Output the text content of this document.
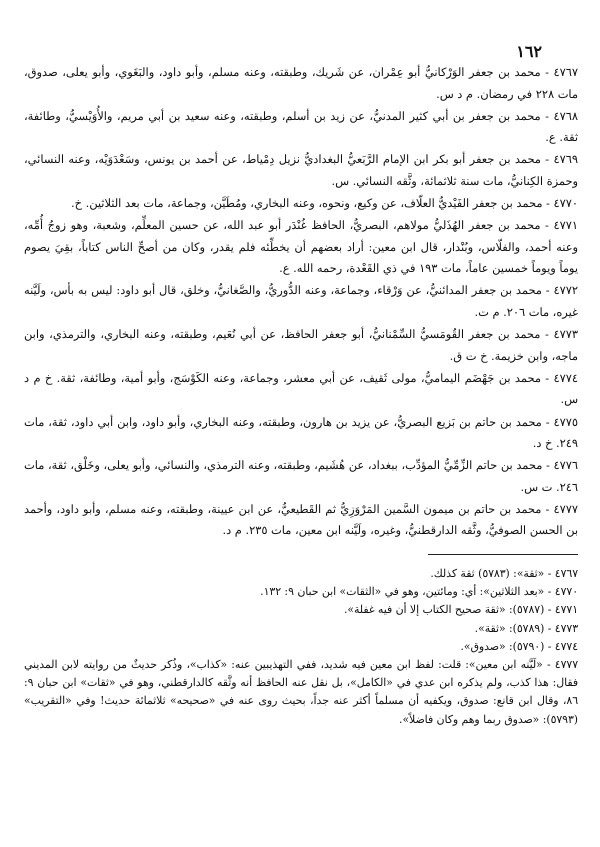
١٦٢

٤٧٦٧ - محمد بن جعفر الوَرْكانيُّ أبو عِمْران، عن شَريك، وطبقته، وعنه مسلم، وأبو داود، والبَغَوي، وأبو يعلى، صدوق، مات ٢٢٨ في رمضان. م د س.

٤٧٦٨ - محمد بن جعفر بن أبي كثير المدنيُّ، عن زيد بن أسلم، وطبقته، وعنه سعيد بن أبي مريم، والأُوَيْسيُّ، وطائفة، ثقة. ع.

٤٧٦٩ - محمد بن جعفر أبو بكر ابن الإمام الرَّبَعيُّ البغداديُّ نزيل دِمْياط، عن أحمد بن يونس، وسَعْدَوَيْه، وعنه النسائي، وحمزة الكِنانيُّ، مات سنة ثلاثمائة، وثَّقه النسائي. س.

٤٧٧٠ - محمد بن جعفر الفَيْديُّ العلّاف، عن وكيع، ونحوه، وعنه البخاري، ومُطَيَّن، وجماعة، مات بعد الثلاثين. خ.

٤٧٧١ - محمد بن جعفر الهُذَليُّ مولاهم، البصريُّ، الحافظ غُنْدَر أبو عبد الله، عن حسين المعلِّم، وشعبة، وهو زوجُ أُمِّه، وعنه أحمد، والفلّاس، وبُنْدار، قال ابن معين: أراد بعضهم أن يخطِّئه فلم يقدر، وكان من أصحِّ الناس كتاباً، بقِيَ يصوم يوماً ويوماً خمسين عاماً، مات ١٩٣ في ذي القَعْدة، رحمه الله. ع.

٤٧٧٢ - محمد بن جعفر المدائنيُّ، عن وَرْقاء، وجماعة، وعنه الدُّوريُّ، والصَّغانيُّ، وخلق، قال أبو داود: ليس به بأس، ولَيَّنه غيره، مات ٢٠٦. م ت.

٤٧٧٣ - محمد بن جعفر القُومَسيُّ السِّمْنانيُّ، أبو جعفر الحافظ، عن أبي نُعَيم، وطبقته، وعنه البخاري، والترمذي، وابن ماجه، وابن خزيمة. خ ت ق.

٤٧٧٤ - محمد بن جَهْضَم اليماميُّ، مولى ثَقيف، عن أبي معشر، وجماعة، وعنه الكَوْسَج، وأبو أمية، وطائفة، ثقة. خ م د س.

٤٧٧٥ - محمد بن حاتم بن بَزيع البصريُّ، عن يزيد بن هارون، وطبقته، وعنه البخاري، وأبو داود، وابن أبي داود، ثقة، مات ٢٤٩. خ د.

٤٧٧٦ - محمد بن حاتم الزِّمِّيُّ المؤدِّب، ببغداد، عن هُشَيم، وطبقته، وعنه الترمذي، والنسائي، وأبو يعلى، وخَلْق، ثقة، مات ٢٤٦. ت س.

٤٧٧٧ - محمد بن حاتم بن ميمون السَّمين المَرْوَزِيُّ ثم القَطيعيُّ، عن ابن عيينة، وطبقته، وعنه مسلم، وأبو داود، وأحمد بن الحسن الصوفيُّ، وثَّقه الدارقطنيُّ، وغيره، ولَيَّنه ابن معين، مات ٢٣٥. م د.

٤٧٦٧ - «ثقة»: (٥٧٨٣) ثقة كذلك.

٤٧٧٠ - «بعد الثلاثين»: أي: ومائتين، وهو في «الثقات» ابن حبان ٩: ١٣٢.

٤٧٧١ - (٥٧٨٧): «ثقة صحيح الكتاب إلا أن فيه غفلة».

٤٧٧٣ - (٥٧٨٩): «ثقة».

٤٧٧٤ - (٥٧٩٠): «صدوق».

٤٧٧٧ - «لَيَّنه ابن معين»: قلت: لفظ ابن معين فيه شديد، ففي التهذيبين عنه: «كذاب»، وذُكر حديثٌ من روايته لابن المديني فقال: هذا كذب، ولم يذكره ابن عدي في «الكامل»، بل نقل عنه الحافظ أنه وثَّقه كالدارقطني، وهو في «ثقات» ابن حبان ٩: ٨٦، وقال ابن قانع: صدوق، ويكفيه أن مسلماً أكثر عنه جداً، بحيث روى عنه في «صحيحه» ثلاثمائة حديث! وفي «التقريب» (٥٧٩٣): «صدوق ربما وهم وكان فاضلاً».
